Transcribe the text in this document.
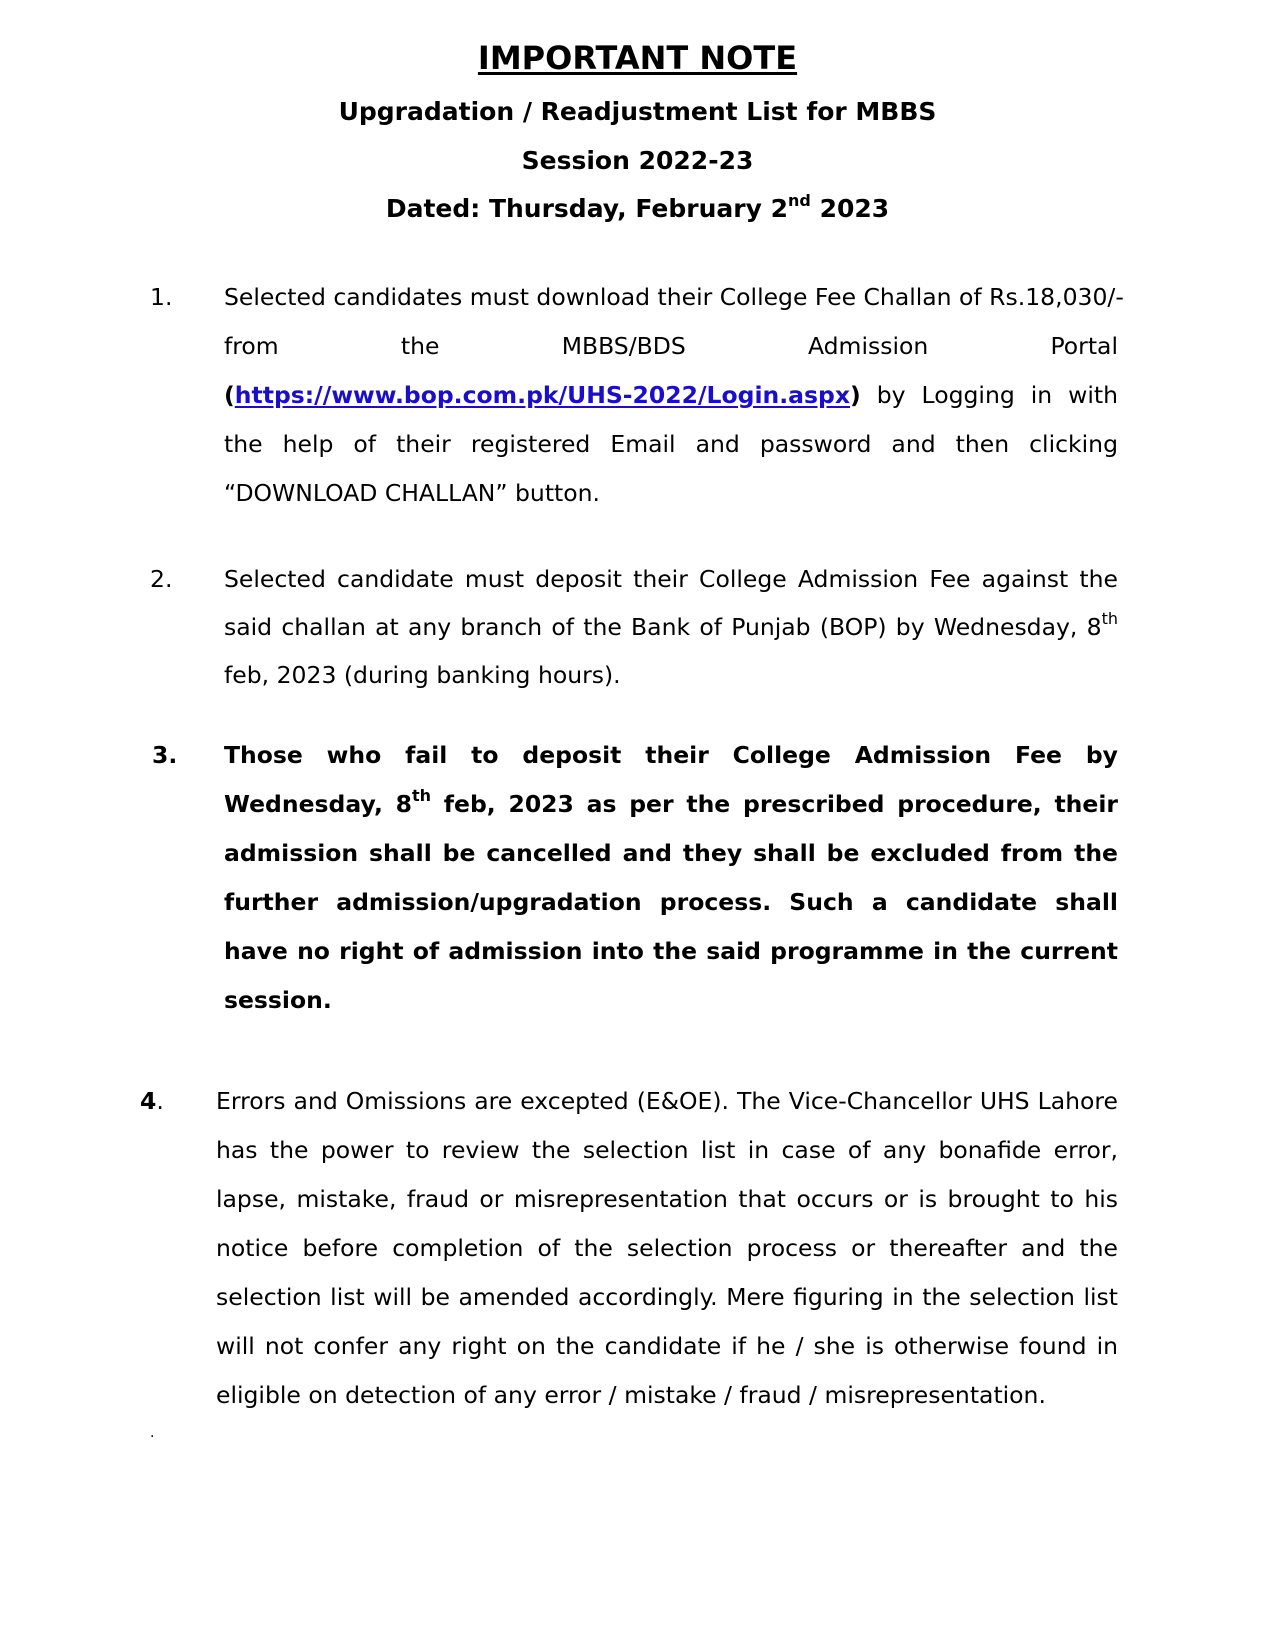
IMPORTANT NOTE
Upgradation / Readjustment List for MBBS
Session 2022-23
Dated: Thursday, February 2nd 2023
1.	Selected candidates must download their College Fee Challan of Rs.18,030/-
from	the	MBBS/BDS	Admission	Portal

(https://www.bop.com.pk/UHS-2022/Login.aspx) by Logging in with the help of their registered Email and password and then clicking “DOWNLOAD CHALLAN” button.

2.	Selected candidate must deposit their College Admission Fee against the said challan at any branch of the Bank of Punjab (BOP) by Wednesday, 8th feb, 2023 (during banking hours).

3.	Those who fail to deposit their College Admission Fee by Wednesday, 8th feb, 2023 as per the prescribed procedure, their admission shall be cancelled and they shall be excluded from the further admission/upgradation process. Such a candidate shall have no right of admission into the said programme in the current session.

4.	Errors and Omissions are excepted (E&OE). The Vice-Chancellor UHS Lahore has the power to review the selection list in case of any bonafide error, lapse, mistake, fraud or misrepresentation that occurs or is brought to his notice before completion of the selection process or thereafter and the selection list will be amended accordingly. Mere figuring in the selection list will not confer any right on the candidate if he / she is otherwise found in eligible on detection of any error / mistake / fraud / misrepresentation.

.
